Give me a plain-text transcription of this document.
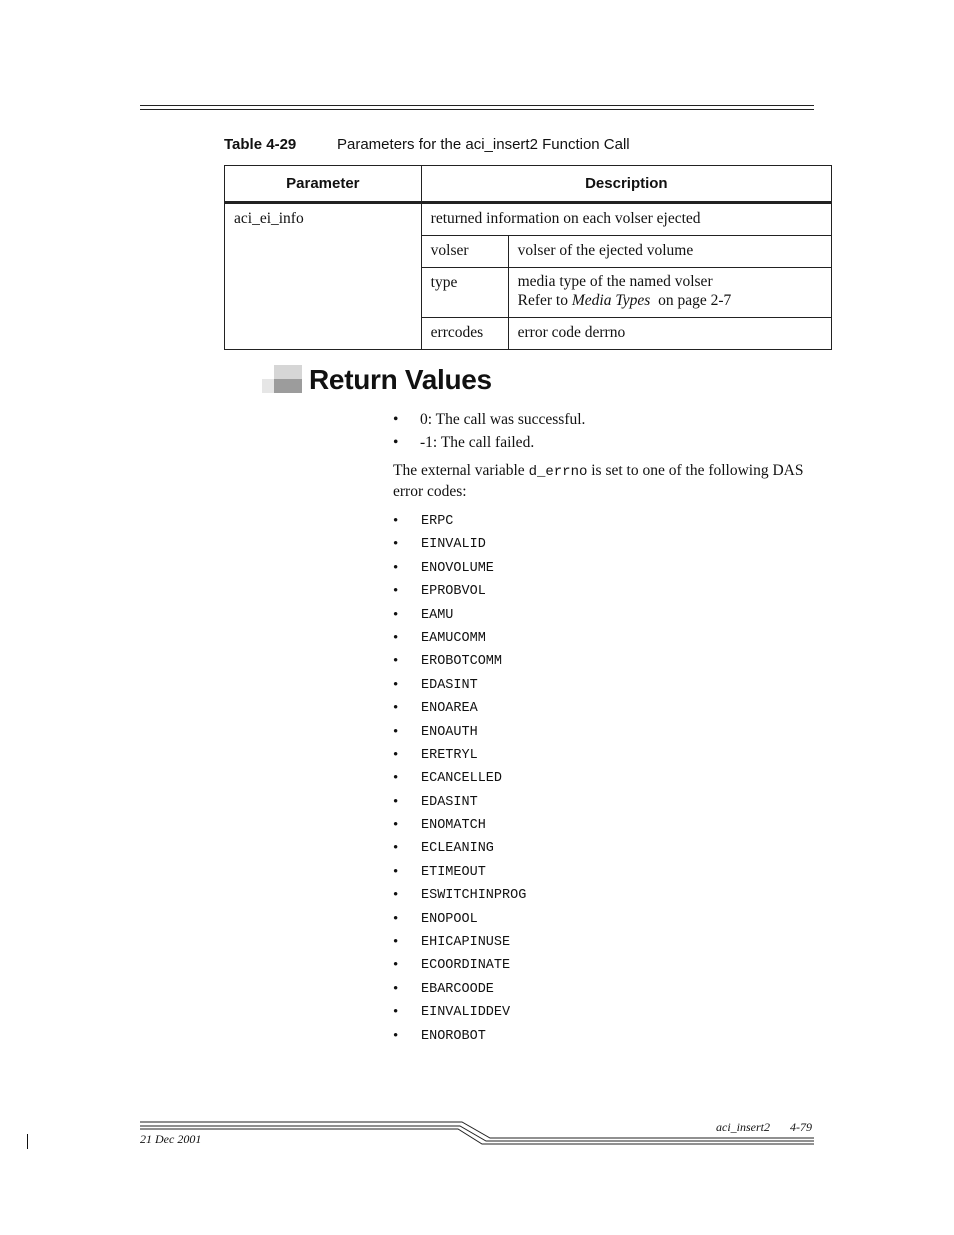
Table 4-29	Parameters for the aci_insert2 Function Call
Parameter	Description	
aci_ei_info	returned information on each volser ejected	
	volser	volser of the ejected volume
	type	media type of the named volser
Refer to Media Types  on page 2-7

	errcodes	error code derrno
Return Values
• 0: The call was successful.
• -1: The call failed.
The external variable d_errno is set to one of the following DAS error codes:
• ERPC
• EINVALID
• ENOVOLUME
• EPROBVOL
• EAMU
• EAMUCOMM
• EROBOTCOMM
• EDASINT
• ENOAREA
• ENOAUTH
• ERETRYL
• ECANCELLED
• EDASINT
• ENOMATCH
• ECLEANING
• ETIMEOUT
• ESWITCHINPROG
• ENOPOOL
• EHICAPINUSE
• ECOORDINATE
• EBARCOODE
• EINVALIDDEV
• ENOROBOT
aci_insert2 4-79
21 Dec 2001
